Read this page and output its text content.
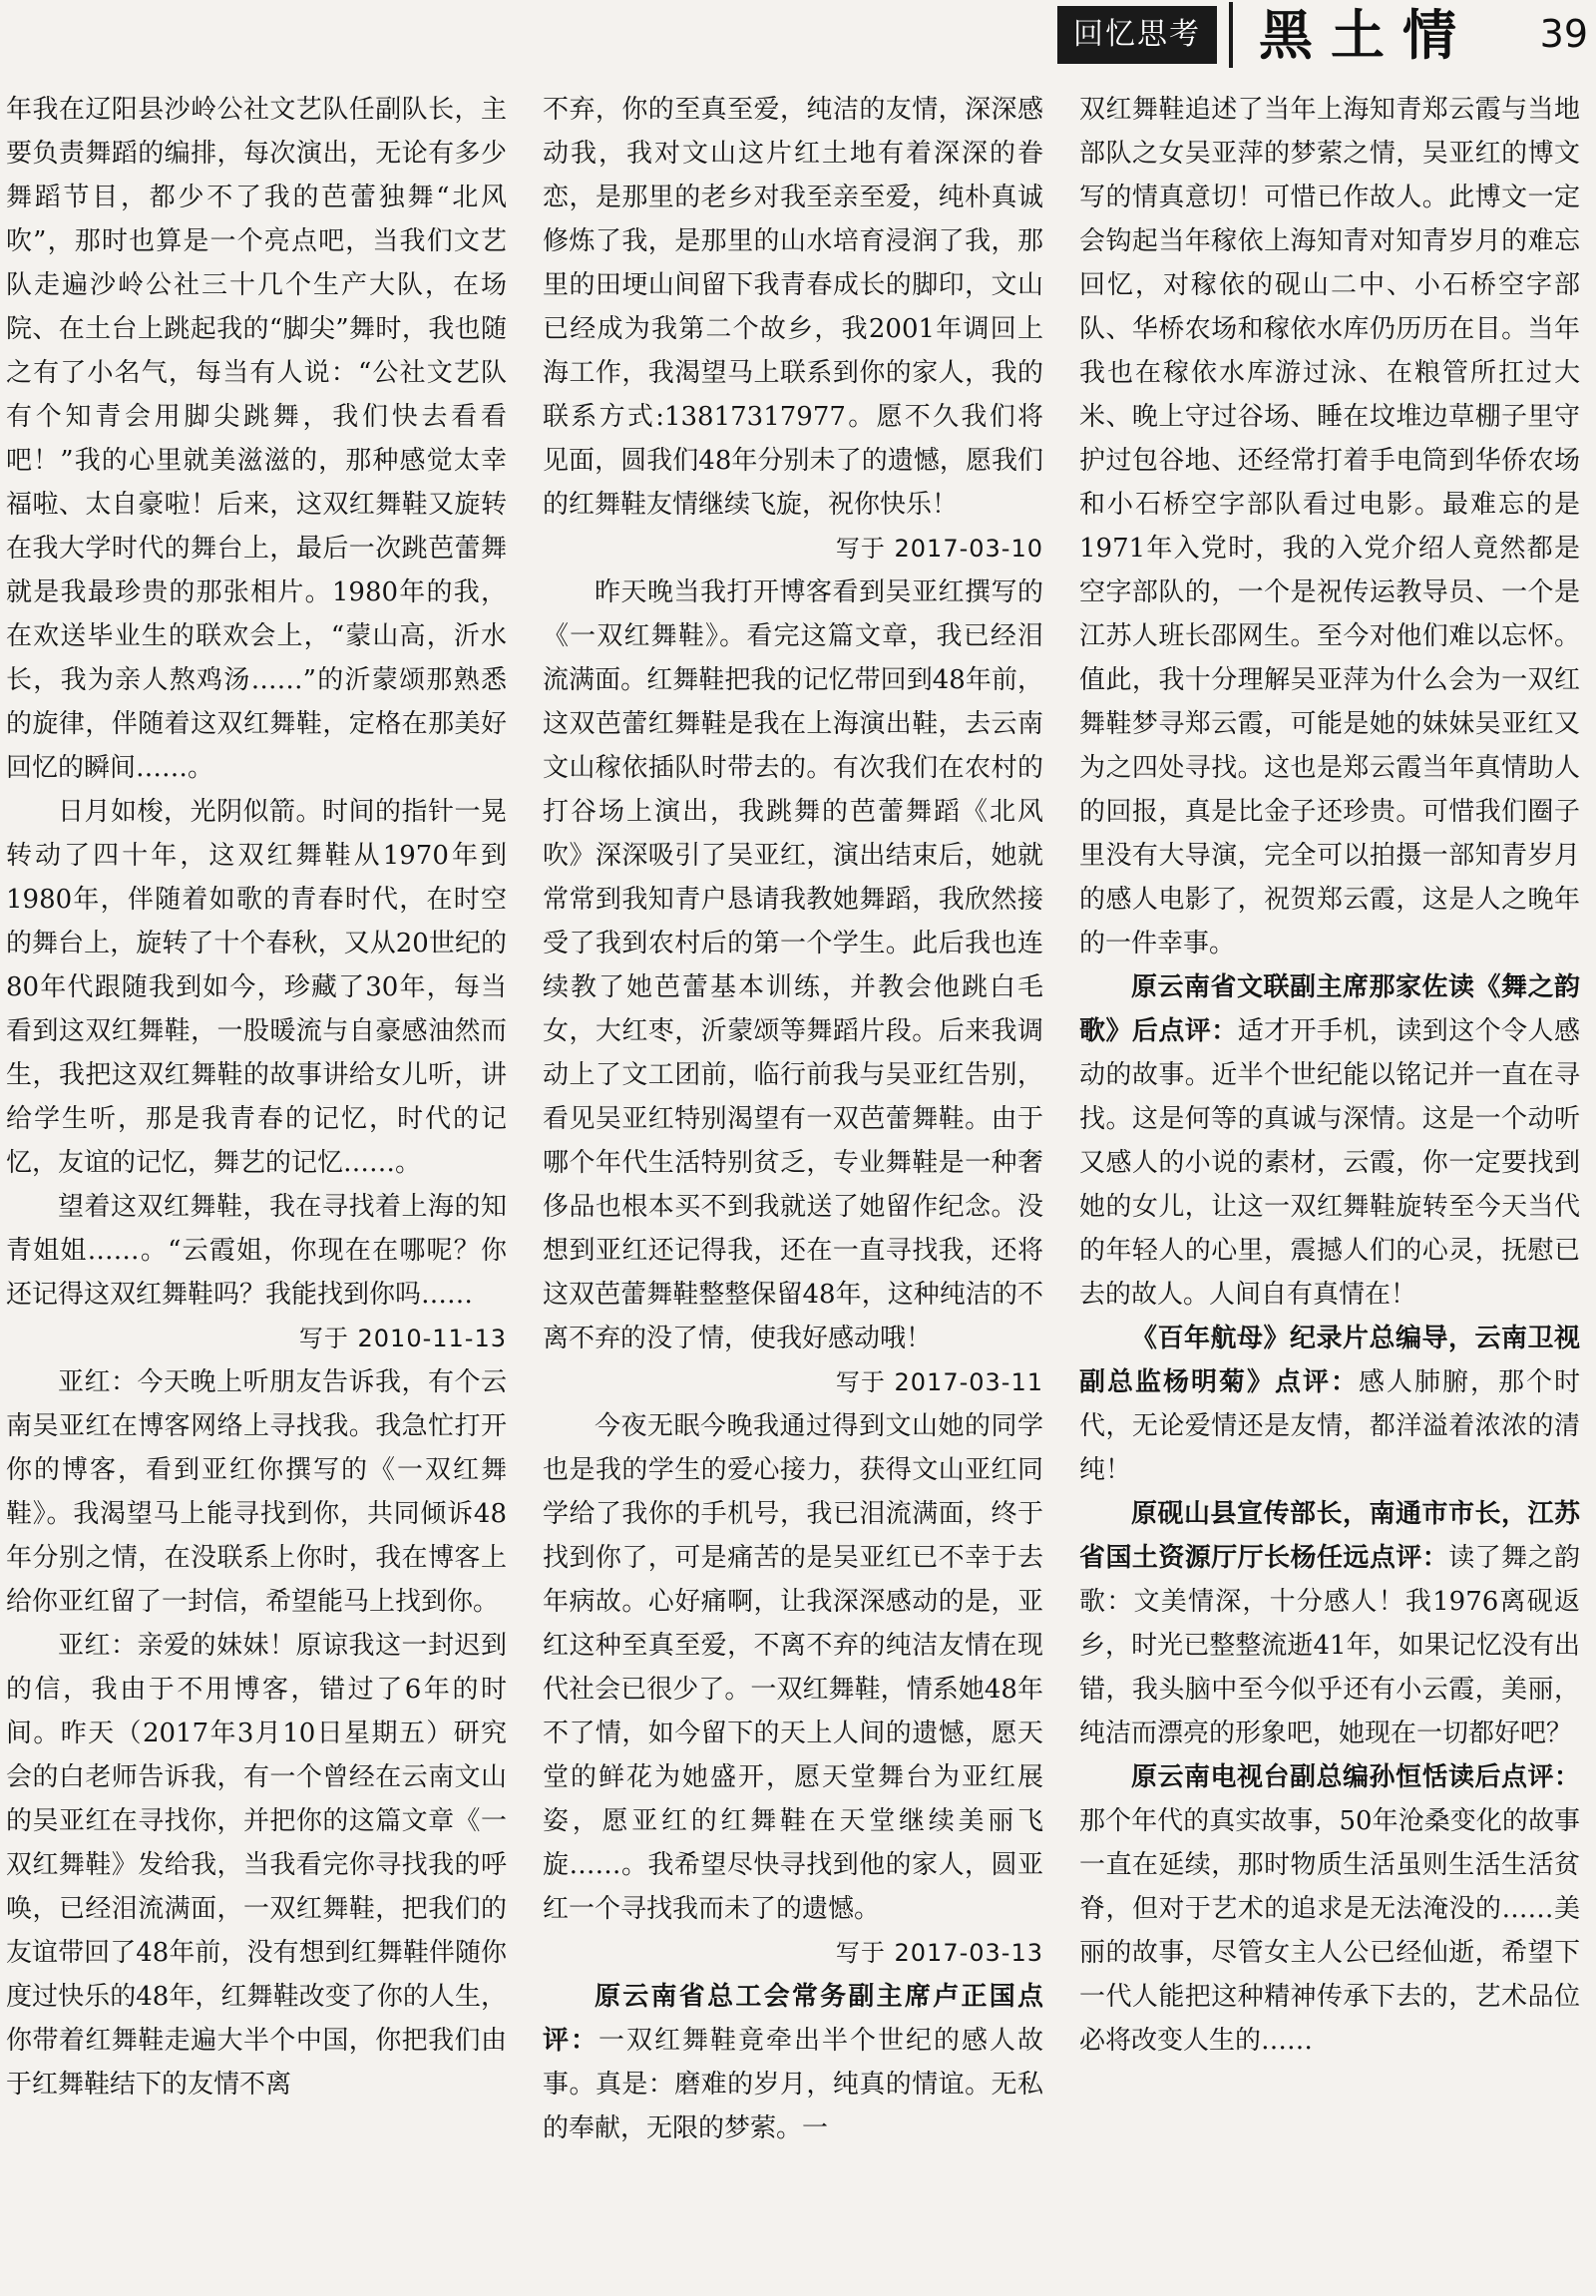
回忆思考 黑土情	39

年我在辽阳县沙岭公社文艺队任副队长，主要负责舞蹈的编排，每次演出，无论有多少舞蹈节目，都少不了我的芭蕾独舞“北风吹”，那时也算是一个亮点吧，当我们文艺队走遍沙岭公社三十几个生产大队，在场院、在土台上跳起我的“脚尖”舞时，我也随之有了小名气，每当有人说：“公社文艺队有个知青会用脚尖跳舞，我们快去看看吧！”我的心里就美滋滋的，那种感觉太幸福啦、太自豪啦！后来，这双红舞鞋又旋转在我大学时代的舞台上，最后一次跳芭蕾舞就是我最珍贵的那张相片。1980年的我，在欢送毕业生的联欢会上，“蒙山高，沂水长，我为亲人熬鸡汤……”的沂蒙颂那熟悉的旋律，伴随着这双红舞鞋，定格在那美好回忆的瞬间……。

日月如梭，光阴似箭。时间的指针一晃转动了四十年，这双红舞鞋从1970年到1980年，伴随着如歌的青春时代，在时空的舞台上，旋转了十个春秋，又从20世纪的80年代跟随我到如今，珍藏了30年，每当看到这双红舞鞋，一股暖流与自豪感油然而生，我把这双红舞鞋的故事讲给女儿听，讲给学生听，那是我青春的记忆，时代的记忆，友谊的记忆，舞艺的记忆……。

望着这双红舞鞋，我在寻找着上海的知青姐姐……。“云霞姐，你现在在哪呢？你还记得这双红舞鞋吗？我能找到你吗……

写于 2010-11-13

亚红：今天晚上听朋友告诉我，有个云南吴亚红在博客网络上寻找我。我急忙打开你的博客，看到亚红你撰写的《一双红舞鞋》。我渴望马上能寻找到你，共同倾诉48年分别之情，在没联系上你时，我在博客上给你亚红留了一封信，希望能马上找到你。

亚红：亲爱的妹妹！原谅我这一封迟到的信，我由于不用博客，错过了6年的时间。昨天（2017年3月10日星期五）研究会的白老师告诉我，有一个曾经在云南文山的吴亚红在寻找你，并把你的这篇文章《一双红舞鞋》发给我，当我看完你寻找我的呼唤，已经泪流满面，一双红舞鞋，把我们的友谊带回了48年前，没有想到红舞鞋伴随你度过快乐的48年，红舞鞋改变了你的人生，你带着红舞鞋走遍大半个中国，你把我们由于红舞鞋结下的友情不离

不弃，你的至真至爱，纯洁的友情，深深感动我，我对文山这片红土地有着深深的眷恋，是那里的老乡对我至亲至爱，纯朴真诚修炼了我，是那里的山水培育浸润了我，那里的田埂山间留下我青春成长的脚印，文山已经成为我第二个故乡，我2001年调回上海工作，我渴望马上联系到你的家人，我的联系方式:13817317977。愿不久我们将见面，圆我们48年分别未了的遗憾，愿我们的红舞鞋友情继续飞旋，祝你快乐！

写于 2017-03-10

昨天晚当我打开博客看到吴亚红撰写的《一双红舞鞋》。看完这篇文章，我已经泪流满面。红舞鞋把我的记忆带回到48年前，这双芭蕾红舞鞋是我在上海演出鞋，去云南文山稼依插队时带去的。有次我们在农村的打谷场上演出，我跳舞的芭蕾舞蹈《北风吹》深深吸引了吴亚红，演出结束后，她就常常到我知青户恳请我教她舞蹈，我欣然接受了我到农村后的第一个学生。此后我也连续教了她芭蕾基本训练，并教会他跳白毛女，大红枣，沂蒙颂等舞蹈片段。后来我调动上了文工团前，临行前我与吴亚红告别，看见吴亚红特别渴望有一双芭蕾舞鞋。由于哪个年代生活特别贫乏，专业舞鞋是一种奢侈品也根本买不到我就送了她留作纪念。没想到亚红还记得我，还在一直寻找我，还将这双芭蕾舞鞋整整保留48年，这种纯洁的不离不弃的没了情，使我好感动哦！

写于 2017-03-11

今夜无眠今晚我通过得到文山她的同学也是我的学生的爱心接力，获得文山亚红同学给了我你的手机号，我已泪流满面，终于找到你了，可是痛苦的是吴亚红已不幸于去年病故。心好痛啊，让我深深感动的是，亚红这种至真至爱，不离不弃的纯洁友情在现代社会已很少了。一双红舞鞋，情系她48年不了情，如今留下的天上人间的遗憾，愿天堂的鲜花为她盛开，愿天堂舞台为亚红展姿，愿亚红的红舞鞋在天堂继续美丽飞旋……。我希望尽快寻找到他的家人，圆亚红一个寻找我而未了的遗憾。

写于 2017-03-13

原云南省总工会常务副主席卢正国点评：一双红舞鞋竟牵出半个世纪的感人故事。真是：磨难的岁月，纯真的情谊。无私的奉献，无限的梦萦。一

双红舞鞋追述了当年上海知青郑云霞与当地部队之女吴亚萍的梦萦之情，吴亚红的博文写的情真意切！可惜已作故人。此博文一定会钩起当年稼依上海知青对知青岁月的难忘回忆，对稼依的砚山二中、小石桥空字部队、华桥农场和稼依水库仍历历在目。当年我也在稼依水库游过泳、在粮管所扛过大米、晚上守过谷场、睡在坟堆边草棚子里守护过包谷地、还经常打着手电筒到华侨农场和小石桥空字部队看过电影。最难忘的是1971年入党时，我的入党介绍人竟然都是空字部队的，一个是祝传运教导员、一个是江苏人班长邵网生。至今对他们难以忘怀。值此，我十分理解吴亚萍为什么会为一双红舞鞋梦寻郑云霞，可能是她的妹妹吴亚红又为之四处寻找。这也是郑云霞当年真情助人的回报，真是比金子还珍贵。可惜我们圈子里没有大导演，完全可以拍摄一部知青岁月的感人电影了，祝贺郑云霞，这是人之晚年的一件幸事。

原云南省文联副主席那家佐读《舞之韵歌》后点评：适才开手机，读到这个令人感动的故事。近半个世纪能以铭记并一直在寻找。这是何等的真诚与深情。这是一个动听又感人的小说的素材，云霞，你一定要找到她的女儿，让这一双红舞鞋旋转至今天当代的年轻人的心里，震撼人们的心灵，抚慰已去的故人。人间自有真情在！

《百年航母》纪录片总编导，云南卫视副总监杨明菊》点评：感人肺腑，那个时代，无论爱情还是友情，都洋溢着浓浓的清纯！

原砚山县宣传部长，南通市市长，江苏省国土资源厅厅长杨任远点评：读了舞之韵歌：文美情深，十分感人！我1976离砚返乡，时光已整整流逝41年，如果记忆没有出错，我头脑中至今似乎还有小云霞，美丽，纯洁而漂亮的形象吧，她现在一切都好吧？

原云南电视台副总编孙恒恬读后点评：那个年代的真实故事，50年沧桑变化的故事一直在延续，那时物质生活虽则生活生活贫脊，但对于艺术的追求是无法淹没的……美丽的故事，尽管女主人公已经仙逝，希望下一代人能把这种精神传承下去的，艺术品位必将改变人生的……
